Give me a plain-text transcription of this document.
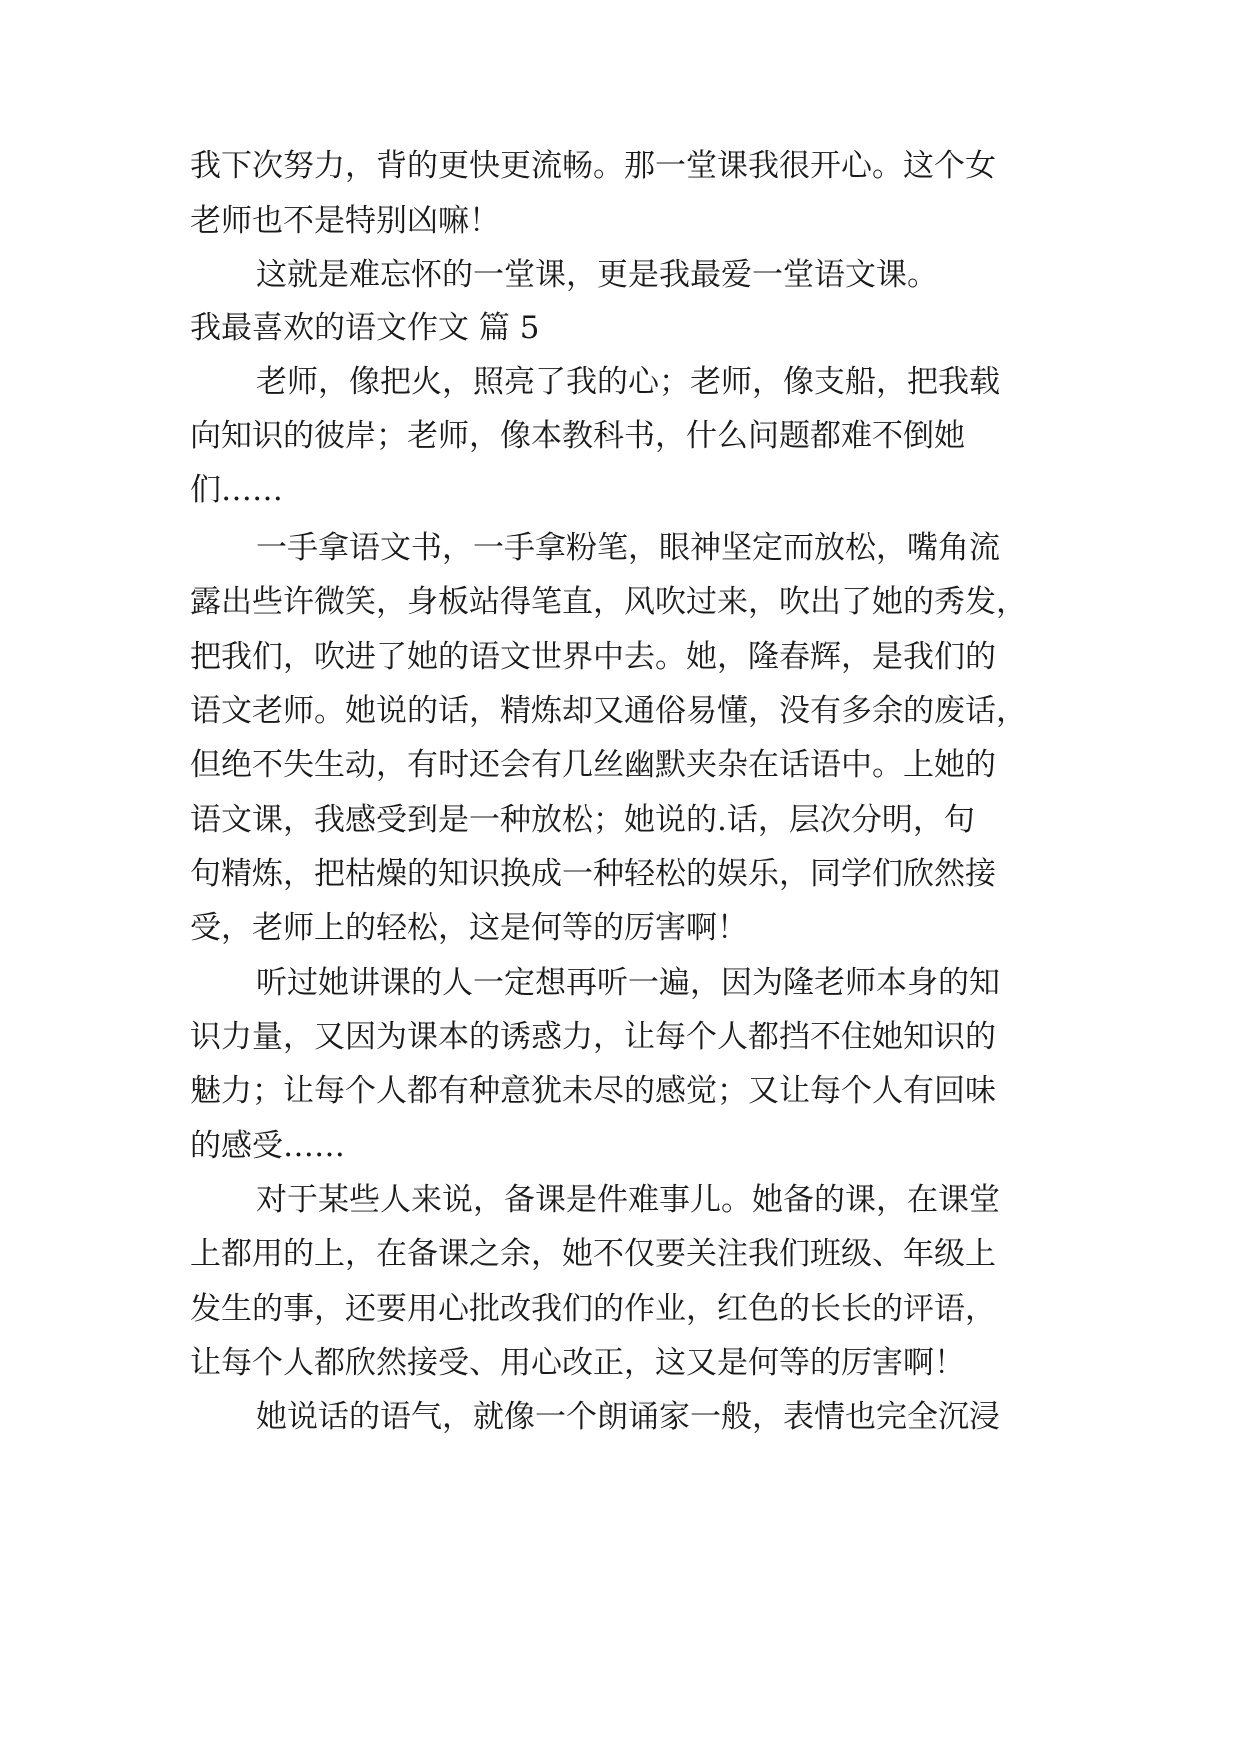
我下次努力，背的更快更流畅。那一堂课我很开心。这个女
老师也不是特别凶嘛！
这就是难忘怀的一堂课，更是我最爱一堂语文课。
我最喜欢的语文作文 篇 5
老师，像把火，照亮了我的心；老师，像支船，把我载
向知识的彼岸；老师，像本教科书，什么问题都难不倒她
们……
一手拿语文书，一手拿粉笔，眼神坚定而放松，嘴角流
露出些许微笑，身板站得笔直，风吹过来，吹出了她的秀发，
把我们，吹进了她的语文世界中去。她，隆春辉，是我们的
语文老师。她说的话，精炼却又通俗易懂，没有多余的废话，
但绝不失生动，有时还会有几丝幽默夹杂在话语中。上她的
语文课，我感受到是一种放松；她说的.话，层次分明，句
句精炼，把枯燥的知识换成一种轻松的娱乐，同学们欣然接
受，老师上的轻松，这是何等的厉害啊！
听过她讲课的人一定想再听一遍，因为隆老师本身的知
识力量，又因为课本的诱惑力，让每个人都挡不住她知识的
魅力；让每个人都有种意犹未尽的感觉；又让每个人有回味
的感受……
对于某些人来说，备课是件难事儿。她备的课，在课堂
上都用的上，在备课之余，她不仅要关注我们班级、年级上
发生的事，还要用心批改我们的作业，红色的长长的评语，
让每个人都欣然接受、用心改正，这又是何等的厉害啊！
她说话的语气，就像一个朗诵家一般，表情也完全沉浸
